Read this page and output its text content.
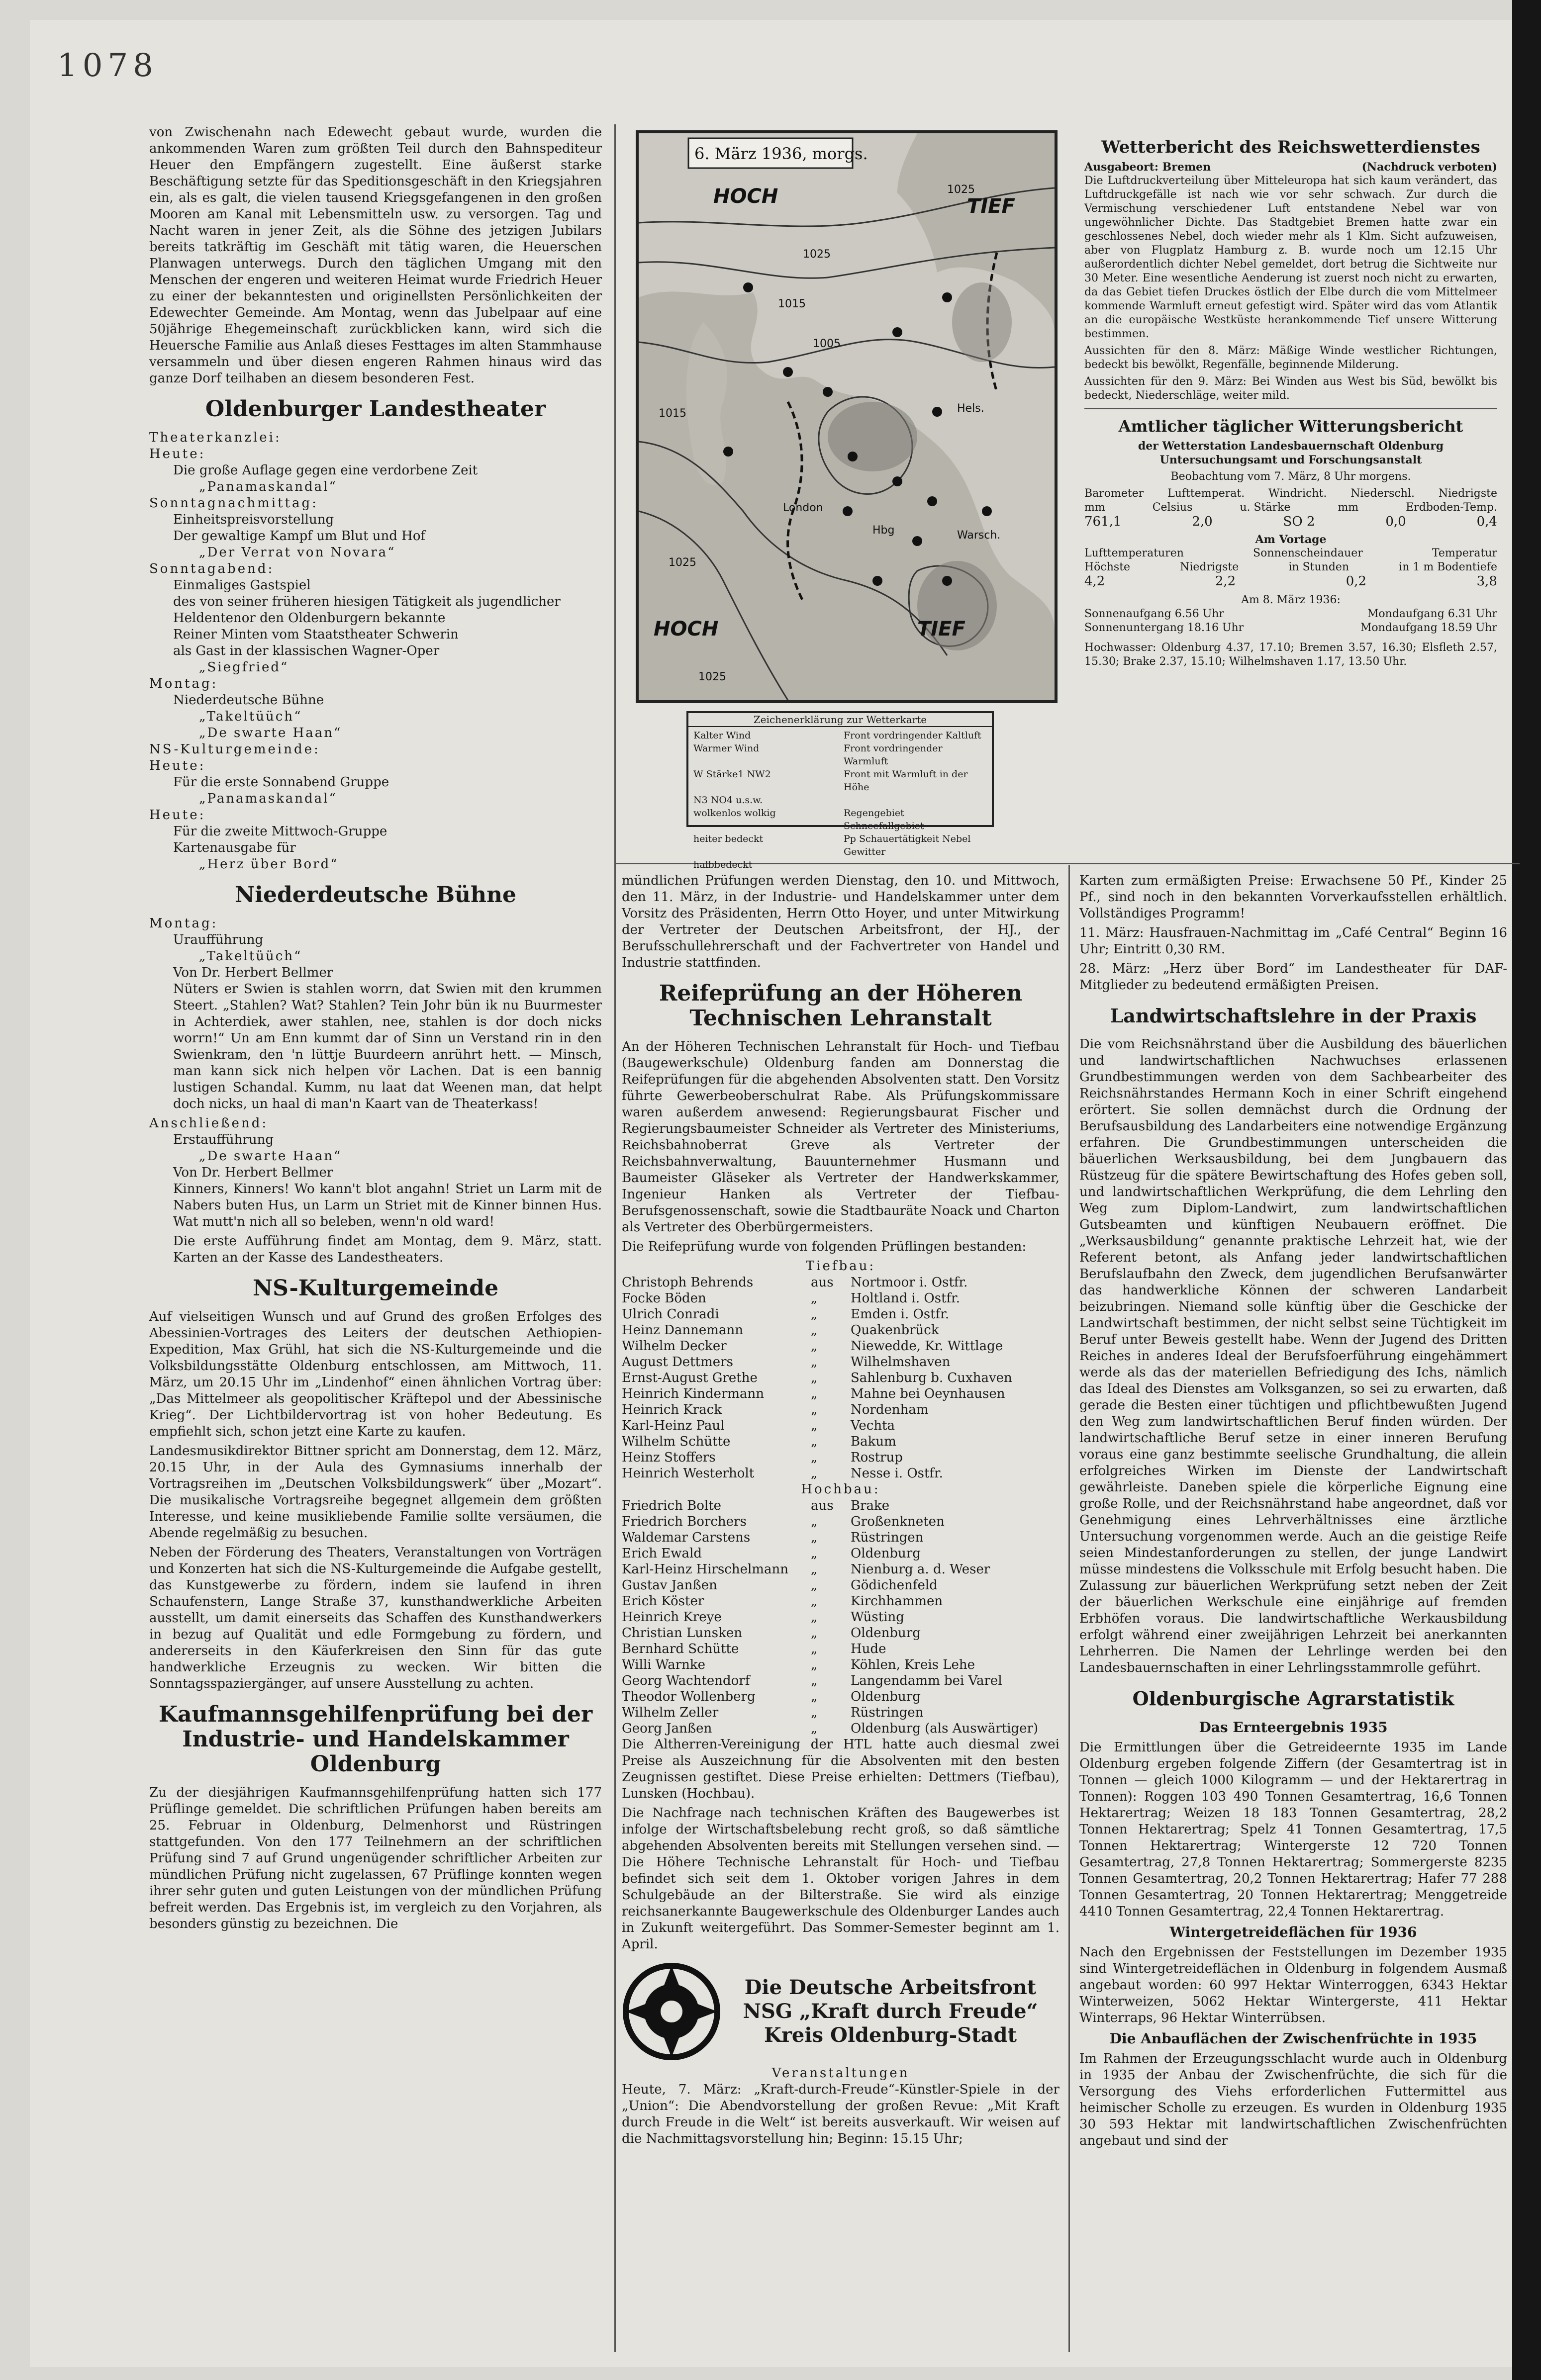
1078

von Zwischenahn nach Edewecht gebaut wurde, wurden die ankommenden Waren zum größten Teil durch den Bahnspediteur Heuer den Empfängern zugestellt. Eine äußerst starke Beschäftigung setzte für das Speditionsgeschäft in den Kriegsjahren ein, als es galt, die vielen tausend Kriegsgefangenen in den großen Mooren am Kanal mit Lebensmitteln usw. zu versorgen. Tag und Nacht waren in jener Zeit, als die Söhne des jetzigen Jubilars bereits tatkräftig im Geschäft mit tätig waren, die Heuerschen Planwagen unterwegs. Durch den täglichen Umgang mit den Menschen der engeren und weiteren Heimat wurde Friedrich Heuer zu einer der bekanntesten und originellsten Persönlichkeiten der Edewechter Gemeinde. Am Montag, wenn das Jubelpaar auf eine 50jährige Ehegemeinschaft zurückblicken kann, wird sich die Heuersche Familie aus Anlaß dieses Festtages im alten Stammhause versammeln und über diesen engeren Rahmen hinaus wird das ganze Dorf teilhaben an diesem besonderen Fest.

Oldenburger Landestheater
Theaterkanzlei:
Heute:
Die große Auflage gegen eine verdorbene Zeit
„Panamaskandal“
Sonntagnachmittag:
Einheitspreisvorstellung
Der gewaltige Kampf um Blut und Hof
„Der Verrat von Novara“
Sonntagabend:
Einmaliges Gastspiel
des von seiner früheren hiesigen Tätigkeit als jugendlicher Heldentenor den Oldenburgern bekannte
Reiner Minten vom Staatstheater Schwerin
als Gast in der klassischen Wagner-Oper
„Siegfried“
Montag:
Niederdeutsche Bühne
„Takeltüüch“
„De swarte Haan“
NS-Kulturgemeinde:
Heute:
Für die erste Sonnabend Gruppe
„Panamaskandal“
Heute:
Für die zweite Mittwoch-Gruppe
Kartenausgabe für
„Herz über Bord“
Niederdeutsche Bühne
Montag:
Uraufführung
„Takeltüüch“
Von Dr. Herbert Bellmer

Nüters er Swien is stahlen worrn, dat Swien mit den krummen Steert. „Stahlen? Wat? Stahlen? Tein Johr bün ik nu Buurmester in Achterdiek, awer stahlen, nee, stahlen is dor doch nicks worrn!“ Un am Enn kummt dar of Sinn un Verstand rin in den Swienkram, den 'n lüttje Buurdeern anrührt hett. — Minsch, man kann sick nich helpen vör Lachen. Dat is een bannig lustigen Schandal. Kumm, nu laat dat Weenen man, dat helpt doch nicks, un haal di man'n Kaart van de Theaterkass!

Anschließend:
Erstaufführung
„De swarte Haan“
Von Dr. Herbert Bellmer

Kinners, Kinners! Wo kann't blot angahn! Striet un Larm mit de Nabers buten Hus, un Larm un Striet mit de Kinner binnen Hus. Wat mutt'n nich all so beleben, wenn'n old ward!

Die erste Aufführung findet am Montag, dem 9. März, statt. Karten an der Kasse des Landestheaters.

NS-Kulturgemeinde

Auf vielseitigen Wunsch und auf Grund des großen Erfolges des Abessinien-Vortrages des Leiters der deutschen Aethiopien-Expedition, Max Grühl, hat sich die NS-Kulturgemeinde und die Volksbildungsstätte Oldenburg entschlossen, am Mittwoch, 11. März, um 20.15 Uhr im „Lindenhof“ einen ähnlichen Vortrag über: „Das Mittelmeer als geopolitischer Kräftepol und der Abessinische Krieg“. Der Lichtbildervortrag ist von hoher Bedeutung. Es empfiehlt sich, schon jetzt eine Karte zu kaufen.

Landesmusikdirektor Bittner spricht am Donnerstag, dem 12. März, 20.15 Uhr, in der Aula des Gymnasiums innerhalb der Vortragsreihen im „Deutschen Volksbildungswerk“ über „Mozart“. Die musikalische Vortragsreihe begegnet allgemein dem größten Interesse, und keine musikliebende Familie sollte versäumen, die Abende regelmäßig zu besuchen.

Neben der Förderung des Theaters, Veranstaltungen von Vorträgen und Konzerten hat sich die NS-Kulturgemeinde die Aufgabe gestellt, das Kunstgewerbe zu fördern, indem sie laufend in ihren Schaufenstern, Lange Straße 37, kunsthandwerkliche Arbeiten ausstellt, um damit einerseits das Schaffen des Kunsthandwerkers in bezug auf Qualität und edle Formgebung zu fördern, und andererseits in den Käuferkreisen den Sinn für das gute handwerkliche Erzeugnis zu wecken. Wir bitten die Sonntagsspaziergänger, auf unsere Ausstellung zu achten.

Kaufmannsgehilfenprüfung bei der Industrie- und Handelskammer Oldenburg

Zu der diesjährigen Kaufmannsgehilfenprüfung hatten sich 177 Prüflinge gemeldet. Die schriftlichen Prüfungen haben bereits am 25. Februar in Oldenburg, Delmenhorst und Rüstringen stattgefunden. Von den 177 Teilnehmern an der schriftlichen Prüfung sind 7 auf Grund ungenügender schriftlicher Arbeiten zur mündlichen Prüfung nicht zugelassen, 67 Prüflinge konnten wegen ihrer sehr guten und guten Leistungen von der mündlichen Prüfung befreit werden. Das Ergebnis ist, im vergleich zu den Vorjahren, als besonders günstig zu bezeichnen. Die

6. März 1936, morgs.
HOCH	TIEF
HOCH	TIEF
1025
1025
1015
1005
1015
1025
1025
London
Hbg	Warsch.
Hels.
Zeichenerklärung zur Wetterkarte
Kalter Wind	Front vordringender Kaltluft
Warmer Wind	Front vordringender Warmluft
W Stärke1 NW2	Front mit Warmluft in der Höhe
N3 NO4 u.s.w.
wolkenlos wolkig	Regengebiet Schneefallgebiet
heiter bedeckt	Pp Schauertätigkeit Nebel Gewitter
halbbedeckt
Wetterbericht des Reichswetterdienstes
Ausgabeort: Bremen	(Nachdruck verboten)

Die Luftdruckverteilung über Mitteleuropa hat sich kaum verändert, das Luftdruckgefälle ist nach wie vor sehr schwach. Zur durch die Vermischung verschiedener Luft entstandene Nebel war von ungewöhnlicher Dichte. Das Stadtgebiet Bremen hatte zwar ein geschlossenes Nebel, doch wieder mehr als 1 Klm. Sicht aufzuweisen, aber von Flugplatz Hamburg z. B. wurde noch um 12.15 Uhr außerordentlich dichter Nebel gemeldet, dort betrug die Sichtweite nur 30 Meter. Eine wesentliche Aenderung ist zuerst noch nicht zu erwarten, da das Gebiet tiefen Druckes östlich der Elbe durch die vom Mittelmeer kommende Warmluft erneut gefestigt wird. Später wird das vom Atlantik an die europäische Westküste herankommende Tief unsere Witterung bestimmen.

Aussichten für den 8. März: Mäßige Winde westlicher Richtungen, bedeckt bis bewölkt, Regenfälle, beginnende Milderung.

Aussichten für den 9. März: Bei Winden aus West bis Süd, bewölkt bis bedeckt, Niederschläge, weiter mild.

Amtlicher täglicher Witterungsbericht
der Wetterstation Landesbauernschaft Oldenburg
Untersuchungsamt und Forschungsanstalt
Beobachtung vom 7. März, 8 Uhr morgens.
Barometer Lufttemperat. Windricht. Niederschl. Niedrigste
mm	Celsius	u. Stärke	mm	Erdboden-Temp.
761,1	2,0	SO 2	0,0	0,4
Am Vortage
Lufttemperaturen	Sonnenscheindauer	Temperatur
Höchste	Niedrigste	in Stunden	in 1 m Bodentiefe
4,2	2,2	0,2	3,8
Am 8. März 1936:
Sonnenaufgang 6.56 Uhr	Mondaufgang 6.31 Uhr
Sonnenuntergang 18.16 Uhr	Mondaufgang 18.59 Uhr

Hochwasser: Oldenburg 4.37, 17.10; Bremen 3.57, 16.30; Elsfleth 2.57, 15.30; Brake 2.37, 15.10; Wilhelmshaven 1.17, 13.50 Uhr.

mündlichen Prüfungen werden Dienstag, den 10. und Mittwoch, den 11. März, in der Industrie- und Handelskammer unter dem Vorsitz des Präsidenten, Herrn Otto Hoyer, und unter Mitwirkung der Vertreter der Deutschen Arbeitsfront, der HJ., der Berufsschullehrerschaft und der Fachvertreter von Handel und Industrie stattfinden.

Reifeprüfung an der Höheren Technischen Lehranstalt

An der Höheren Technischen Lehranstalt für Hoch- und Tiefbau (Baugewerkschule) Oldenburg fanden am Donnerstag die Reifeprüfungen für die abgehenden Absolventen statt. Den Vorsitz führte Gewerbeoberschulrat Rabe. Als Prüfungskommissare waren außerdem anwesend: Regierungsbaurat Fischer und Regierungsbaumeister Schneider als Vertreter des Ministeriums, Reichsbahnoberrat Greve als Vertreter der Reichsbahnverwaltung, Bauunternehmer Husmann und Baumeister Gläseker als Vertreter der Handwerkskammer, Ingenieur Hanken als Vertreter der Tiefbau-Berufsgenossenschaft, sowie die Stadtbauräte Noack und Charton als Vertreter des Oberbürgermeisters.

Die Reifeprüfung wurde von folgenden Prüflingen bestanden:

Tiefbau:
Christoph Behrends	aus	Nortmoor i. Ostfr.
Focke Böden	„	Holtland i. Ostfr.
Ulrich Conradi	„	Emden i. Ostfr.
Heinz Dannemann	„	Quakenbrück
Wilhelm Decker	„	Niewedde, Kr. Wittlage
August Dettmers	„	Wilhelmshaven
Ernst-August Grethe	„	Sahlenburg b. Cuxhaven
Heinrich Kindermann	„	Mahne bei Oeynhausen
Heinrich Krack	„	Nordenham
Karl-Heinz Paul	„	Vechta
Wilhelm Schütte	„	Bakum
Heinz Stoffers	„	Rostrup
Heinrich Westerholt	„	Nesse i. Ostfr.
Hochbau:
Friedrich Bolte	aus	Brake
Friedrich Borchers	„	Großenkneten
Waldemar Carstens	„	Rüstringen
Erich Ewald	„	Oldenburg
Karl-Heinz Hirschelmann	„	Nienburg a. d. Weser
Gustav Janßen	„	Gödichenfeld
Erich Köster	„	Kirchhammen
Heinrich Kreye	„	Wüsting
Christian Lunsken	„	Oldenburg
Bernhard Schütte	„	Hude
Willi Warnke	„	Köhlen, Kreis Lehe
Georg Wachtendorf	„	Langendamm bei Varel
Theodor Wollenberg	„	Oldenburg
Wilhelm Zeller	„	Rüstringen
Georg Janßen	„	Oldenburg (als Auswärtiger)

Die Altherren-Vereinigung der HTL hatte auch diesmal zwei Preise als Auszeichnung für die Absolventen mit den besten Zeugnissen gestiftet. Diese Preise erhielten: Dettmers (Tiefbau), Lunsken (Hochbau).

Die Nachfrage nach technischen Kräften des Baugewerbes ist infolge der Wirtschaftsbelebung recht groß, so daß sämtliche abgehenden Absolventen bereits mit Stellungen versehen sind. — Die Höhere Technische Lehranstalt für Hoch- und Tiefbau befindet sich seit dem 1. Oktober vorigen Jahres in dem Schulgebäude an der Bilterstraße. Sie wird als einzige reichsanerkannte Baugewerkschule des Oldenburger Landes auch in Zukunft weitergeführt. Das Sommer-Semester beginnt am 1. April.

Die Deutsche Arbeitsfront NSG „Kraft durch Freude“ Kreis Oldenburg-Stadt
Veranstaltungen

Heute, 7. März: „Kraft-durch-Freude“-Künstler-Spiele in der „Union“: Die Abendvorstellung der großen Revue: „Mit Kraft durch Freude in die Welt“ ist bereits ausverkauft. Wir weisen auf die Nachmittagsvorstellung hin; Beginn: 15.15 Uhr;

Karten zum ermäßigten Preise: Erwachsene 50 Pf., Kinder 25 Pf., sind noch in den bekannten Vorverkaufsstellen erhältlich. Vollständiges Programm!

11. März: Hausfrauen-Nachmittag im „Café Central“ Beginn 16 Uhr; Eintritt 0,30 RM.

28. März: „Herz über Bord“ im Landestheater für DAF-Mitglieder zu bedeutend ermäßigten Preisen.

Landwirtschaftslehre in der Praxis

Die vom Reichsnährstand über die Ausbildung des bäuerlichen und landwirtschaftlichen Nachwuchses erlassenen Grundbestimmungen werden von dem Sachbearbeiter des Reichsnährstandes Hermann Koch in einer Schrift eingehend erörtert. Sie sollen demnächst durch die Ordnung der Berufsausbildung des Landarbeiters eine notwendige Ergänzung erfahren. Die Grundbestimmungen unterscheiden die bäuerlichen Werksausbildung, bei dem Jungbauern das Rüstzeug für die spätere Bewirtschaftung des Hofes geben soll, und landwirtschaftlichen Werkprüfung, die dem Lehrling den Weg zum Diplom-Landwirt, zum landwirtschaftlichen Gutsbeamten und künftigen Neubauern eröffnet. Die „Werksausbildung“ genannte praktische Lehrzeit hat, wie der Referent betont, als Anfang jeder landwirtschaftlichen Berufslaufbahn den Zweck, dem jugendlichen Berufsanwärter das handwerkliche Können der schweren Landarbeit beizubringen. Niemand solle künftig über die Geschicke der Landwirtschaft bestimmen, der nicht selbst seine Tüchtigkeit im Beruf unter Beweis gestellt habe. Wenn der Jugend des Dritten Reiches in anderes Ideal der Berufsfoerführung eingehämmert werde als das der materiellen Befriedigung des Ichs, nämlich das Ideal des Dienstes am Volksganzen, so sei zu erwarten, daß gerade die Besten einer tüchtigen und pflichtbewußten Jugend den Weg zum landwirtschaftlichen Beruf finden würden. Der landwirtschaftliche Beruf setze in einer inneren Berufung voraus eine ganz bestimmte seelische Grundhaltung, die allein erfolgreiches Wirken im Dienste der Landwirtschaft gewährleiste. Daneben spiele die körperliche Eignung eine große Rolle, und der Reichsnährstand habe angeordnet, daß vor Genehmigung eines Lehrverhältnisses eine ärztliche Untersuchung vorgenommen werde. Auch an die geistige Reife seien Mindestanforderungen zu stellen, der junge Landwirt müsse mindestens die Volksschule mit Erfolg besucht haben. Die Zulassung zur bäuerlichen Werkprüfung setzt neben der Zeit der bäuerlichen Werkschule eine einjährige auf fremden Erbhöfen voraus. Die landwirtschaftliche Werkausbildung erfolgt während einer zweijährigen Lehrzeit bei anerkannten Lehrherren. Die Namen der Lehrlinge werden bei den Landesbauernschaften in einer Lehrlingsstammrolle geführt.

Oldenburgische Agrarstatistik
Das Ernteergebnis 1935

Die Ermittlungen über die Getreideernte 1935 im Lande Oldenburg ergeben folgende Ziffern (der Gesamtertrag ist in Tonnen — gleich 1000 Kilogramm — und der Hektarertrag in Tonnen): Roggen 103 490 Tonnen Gesamtertrag, 16,6 Tonnen Hektarertrag; Weizen 18 183 Tonnen Gesamtertrag, 28,2 Tonnen Hektarertrag; Spelz 41 Tonnen Gesamtertrag, 17,5 Tonnen Hektarertrag; Wintergerste 12 720 Tonnen Gesamtertrag, 27,8 Tonnen Hektarertrag; Sommergerste 8235 Tonnen Gesamtertrag, 20,2 Tonnen Hektarertrag; Hafer 77 288 Tonnen Gesamtertrag, 20 Tonnen Hektarertrag; Menggetreide 4410 Tonnen Gesamtertrag, 22,4 Tonnen Hektarertrag.

Wintergetreideflächen für 1936

Nach den Ergebnissen der Feststellungen im Dezember 1935 sind Wintergetreideflächen in Oldenburg in folgendem Ausmaß angebaut worden: 60 997 Hektar Winterroggen, 6343 Hektar Winterweizen, 5062 Hektar Wintergerste, 411 Hektar Winterraps, 96 Hektar Winterrübsen.

Die Anbauflächen der Zwischenfrüchte in 1935

Im Rahmen der Erzeugungsschlacht wurde auch in Oldenburg in 1935 der Anbau der Zwischenfrüchte, die sich für die Versorgung des Viehs erforderlichen Futtermittel aus heimischer Scholle zu erzeugen. Es wurden in Oldenburg 1935 30 593 Hektar mit landwirtschaftlichen Zwischenfrüchten angebaut und sind der
